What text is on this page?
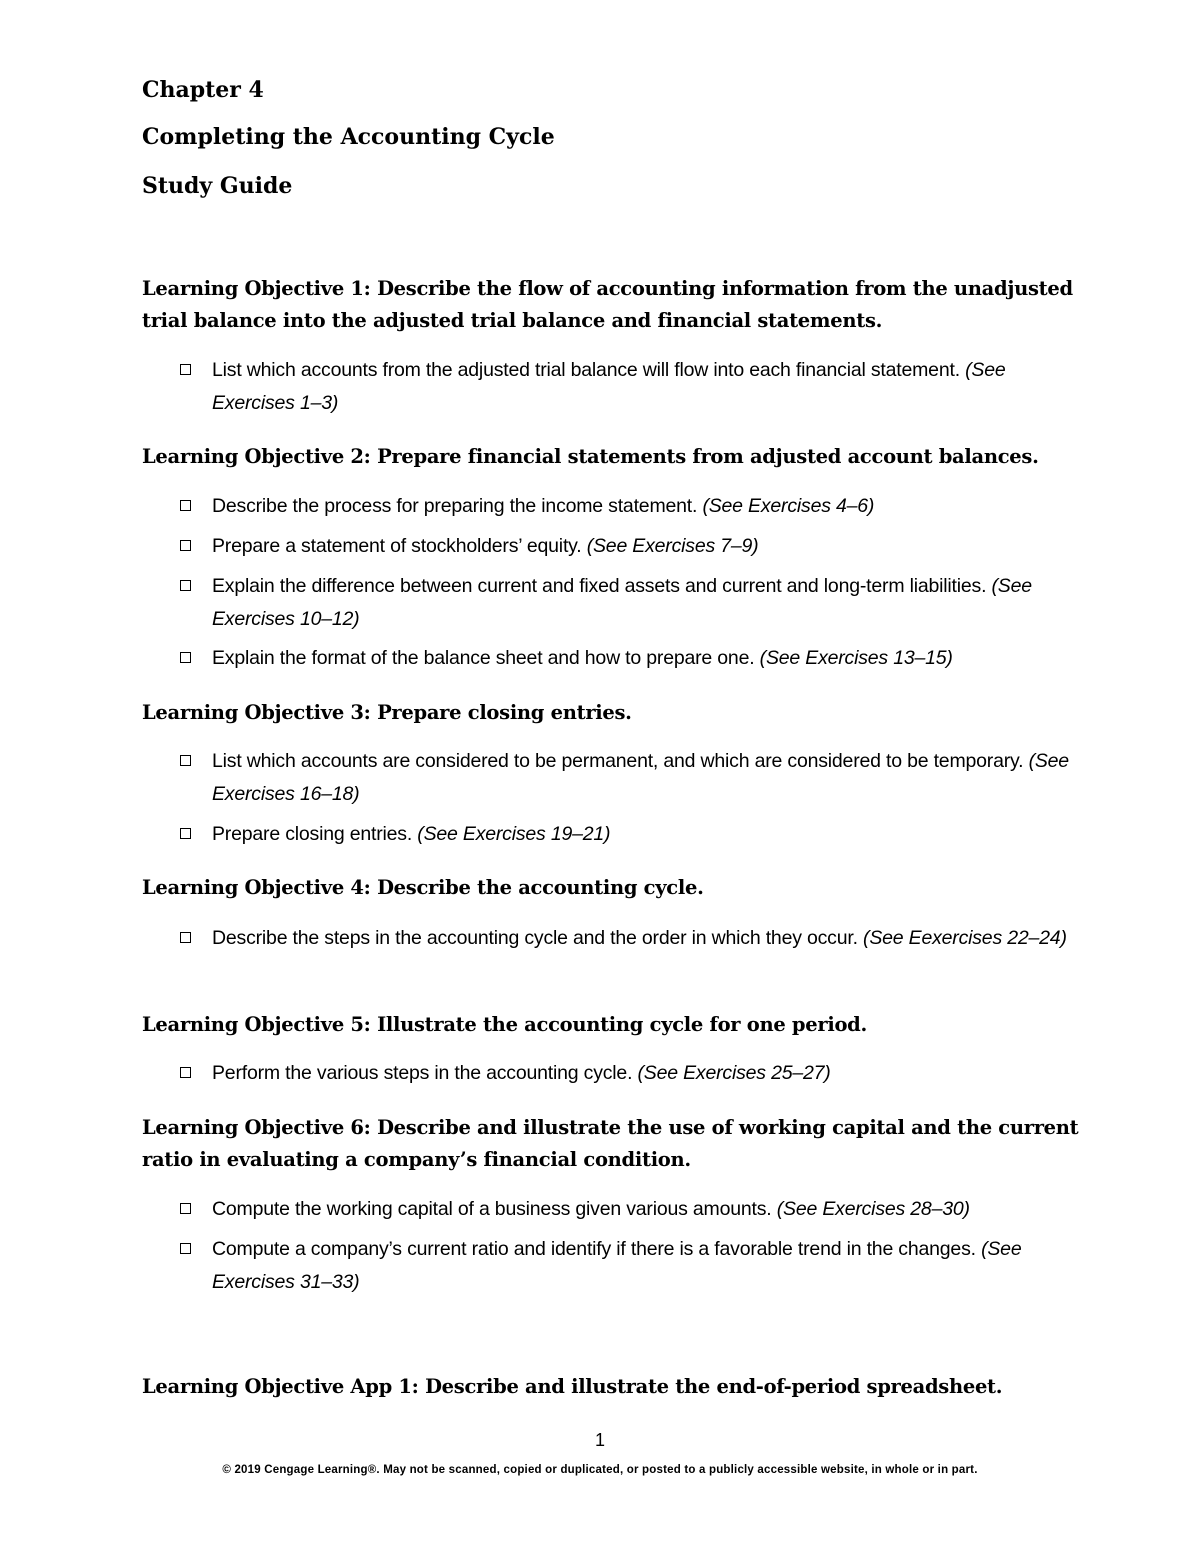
Chapter 4
Completing the Accounting Cycle
Study Guide

Learning Objective 1: Describe the flow of accounting information from the unadjusted trial balance into the adjusted trial balance and financial statements.

List which accounts from the adjusted trial balance will flow into each financial statement. (See Exercises 1–3)

Learning Objective 2: Prepare financial statements from adjusted account balances.

Describe the process for preparing the income statement. (See Exercises 4–6)
Prepare a statement of stockholders’ equity. (See Exercises 7–9)
Explain the difference between current and fixed assets and current and long-term liabilities. (See Exercises 10–12)
Explain the format of the balance sheet and how to prepare one. (See Exercises 13–15)

Learning Objective 3: Prepare closing entries.

List which accounts are considered to be permanent, and which are considered to be temporary. (See Exercises 16–18)
Prepare closing entries. (See Exercises 19–21)

Learning Objective 4: Describe the accounting cycle.

Describe the steps in the accounting cycle and the order in which they occur. (See Eexercises 22–24)

Learning Objective 5: Illustrate the accounting cycle for one period.

Perform the various steps in the accounting cycle. (See Exercises 25–27)

Learning Objective 6: Describe and illustrate the use of working capital and the current ratio in evaluating a company’s financial condition.

Compute the working capital of a business given various amounts. (See Exercises 28–30)
Compute a company’s current ratio and identify if there is a favorable trend in the changes. (See Exercises 31–33)

Learning Objective App 1: Describe and illustrate the end-of-period spreadsheet.

1
© 2019 Cengage Learning®. May not be scanned, copied or duplicated, or posted to a publicly accessible website, in whole or in part.
